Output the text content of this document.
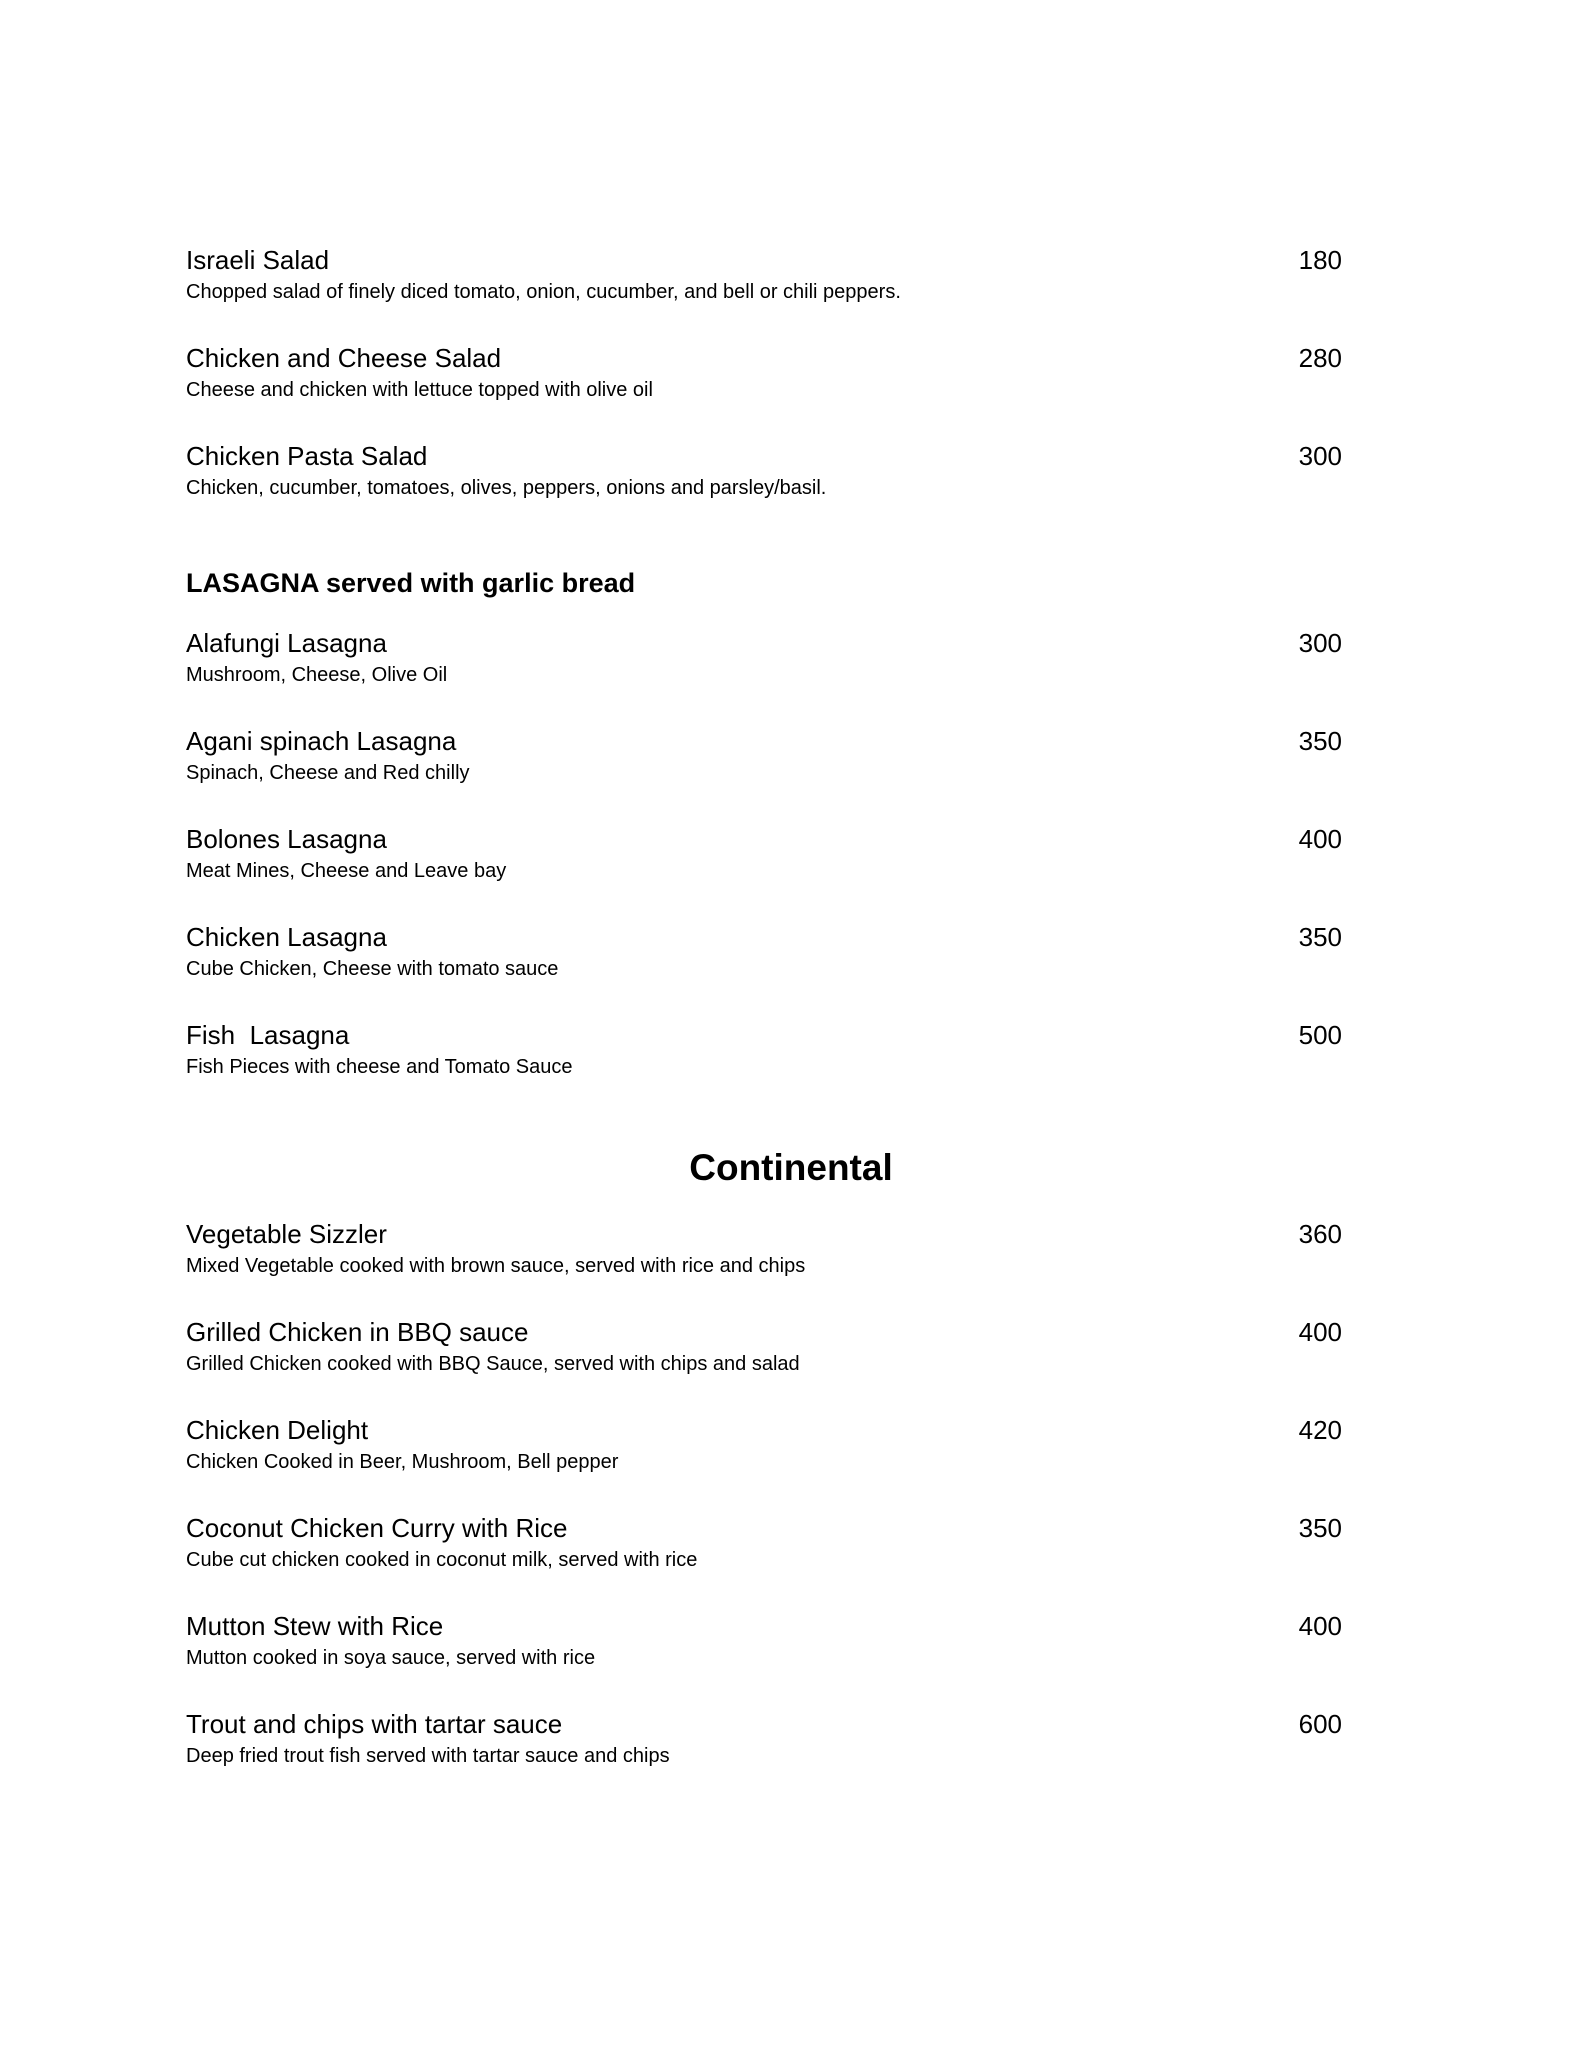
Israeli Salad	180
Chopped salad of finely diced tomato, onion, cucumber, and bell or chili peppers.
Chicken and Cheese Salad	280
Cheese and chicken with lettuce topped with olive oil
Chicken Pasta Salad	300
Chicken, cucumber, tomatoes, olives, peppers, onions and parsley/basil.
LASAGNA served with garlic bread
Alafungi Lasagna	300
Mushroom, Cheese, Olive Oil
Agani spinach Lasagna	350
Spinach, Cheese and Red chilly
Bolones Lasagna	400
Meat Mines, Cheese and Leave bay
Chicken Lasagna	350
Cube Chicken, Cheese with tomato sauce
Fish  Lasagna	500
Fish Pieces with cheese and Tomato Sauce
Continental
Vegetable Sizzler	360
Mixed Vegetable cooked with brown sauce, served with rice and chips
Grilled Chicken in BBQ sauce	400
Grilled Chicken cooked with BBQ Sauce, served with chips and salad
Chicken Delight	420
Chicken Cooked in Beer, Mushroom, Bell pepper
Coconut Chicken Curry with Rice	350
Cube cut chicken cooked in coconut milk, served with rice
Mutton Stew with Rice	400
Mutton cooked in soya sauce, served with rice
Trout and chips with tartar sauce	600
Deep fried trout fish served with tartar sauce and chips
